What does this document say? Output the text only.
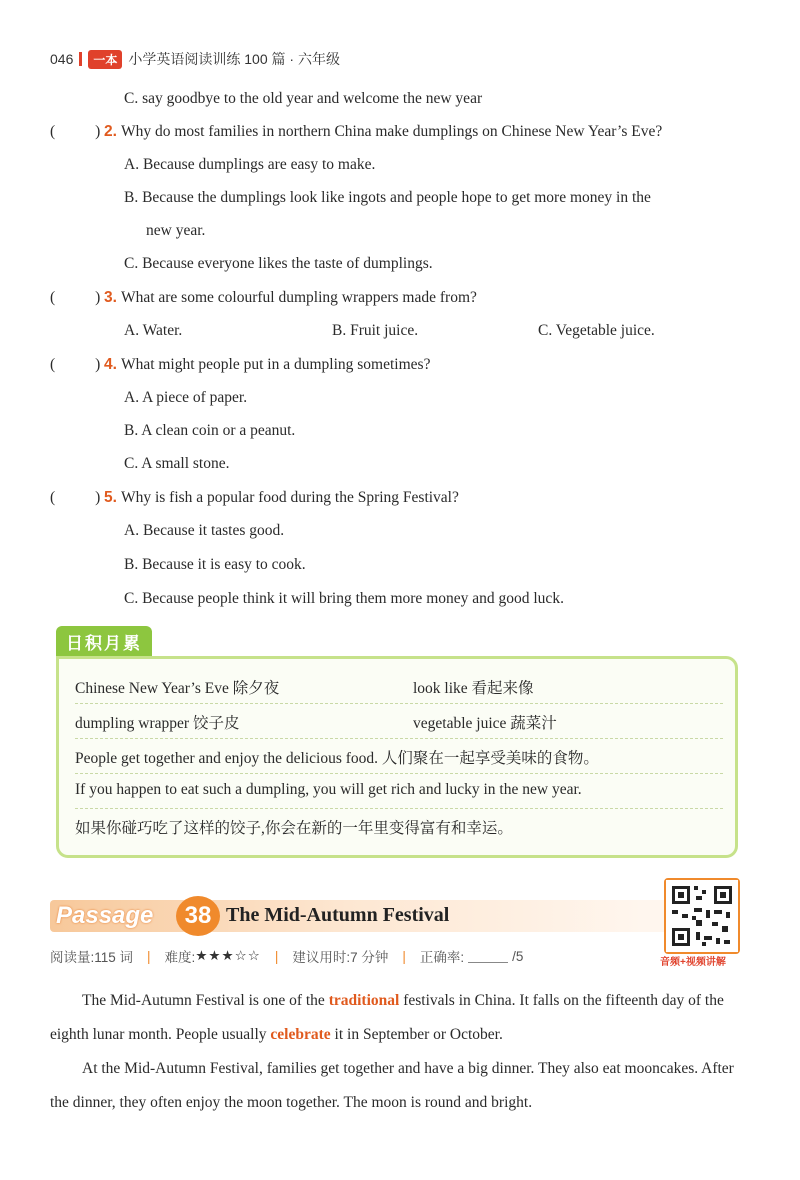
046	一本 小学英语阅读训练 100 篇 · 六年级
C. say goodbye to the old year and welcome the new year
(	) 2. Why do most families in northern China make dumplings on Chinese New Year’s Eve?
A. Because dumplings are easy to make.
B. Because the dumplings look like ingots and people hope to get more money in the
new year.
C. Because everyone likes the taste of dumplings.
(	) 3. What are some colourful dumpling wrappers made from?
A. Water.	B. Fruit juice.	C. Vegetable juice.
(	) 4. What might people put in a dumpling sometimes?
A. A piece of paper.
B. A clean coin or a peanut.
C. A small stone.
(	) 5. Why is fish a popular food during the Spring Festival?
A. Because it tastes good.
B. Because it is easy to cook.
C. Because people think it will bring them more money and good luck.
日积月累
Chinese New Year’s Eve 除夕夜	look like 看起来像
dumpling wrapper 饺子皮	vegetable juice 蔬菜汁
People get together and enjoy the delicious food. 人们聚在一起享受美味的食物。
If you happen to eat such a dumpling, you will get rich and lucky in the new year.
如果你碰巧吃了这样的饺子,你会在新的一年里变得富有和幸运。
Passage	38 The Mid-Autumn Festival
音频+视频讲解
阅读量:115 词 | 难度: ★★★☆☆ | 建议用时:7 分钟 | 正确率:	/5
The Mid-Autumn Festival is one of the traditional festivals in China. It falls on the fifteenth day of the eighth lunar month. People usually celebrate it in September or October.
At the Mid-Autumn Festival, families get together and have a big dinner. They also eat mooncakes. After the dinner, they often enjoy the moon together. The moon is round and bright.
